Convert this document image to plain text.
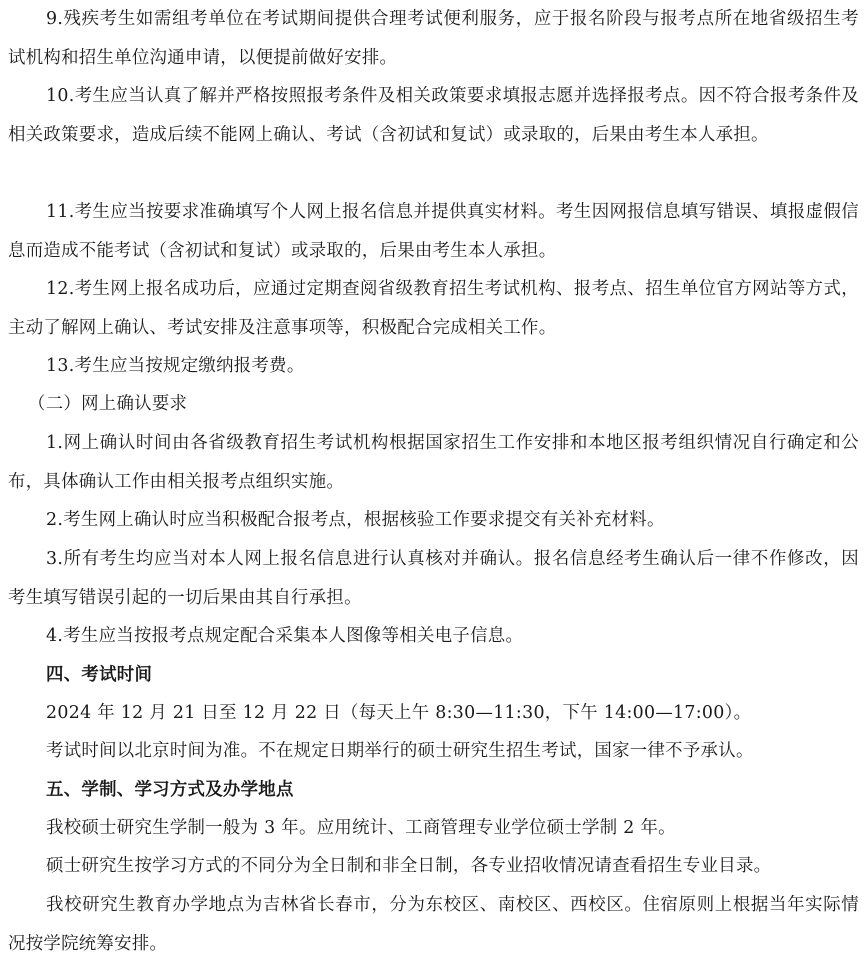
9.残疾考生如需组考单位在考试期间提供合理考试便利服务，应于报名阶段与报考点所在地省级招生考试机构和招生单位沟通申请，以便提前做好安排。

10.考生应当认真了解并严格按照报考条件及相关政策要求填报志愿并选择报考点。因不符合报考条件及相关政策要求，造成后续不能网上确认、考试（含初试和复试）或录取的，后果由考生本人承担。

11.考生应当按要求准确填写个人网上报名信息并提供真实材料。考生因网报信息填写错误、填报虚假信息而造成不能考试（含初试和复试）或录取的，后果由考生本人承担。

12.考生网上报名成功后，应通过定期查阅省级教育招生考试机构、报考点、招生单位官方网站等方式，主动了解网上确认、考试安排及注意事项等，积极配合完成相关工作。

13.考生应当按规定缴纳报考费。

（二）网上确认要求

1.网上确认时间由各省级教育招生考试机构根据国家招生工作安排和本地区报考组织情况自行确定和公布，具体确认工作由相关报考点组织实施。

2.考生网上确认时应当积极配合报考点，根据核验工作要求提交有关补充材料。

3.所有考生均应当对本人网上报名信息进行认真核对并确认。报名信息经考生确认后一律不作修改，因考生填写错误引起的一切后果由其自行承担。

4.考生应当按报考点规定配合采集本人图像等相关电子信息。

四、考试时间

2024 年 12 月 21 日至 12 月 22 日（每天上午 8:30—11:30，下午 14:00—17:00）。

考试时间以北京时间为准。不在规定日期举行的硕士研究生招生考试，国家一律不予承认。

五、学制、学习方式及办学地点

我校硕士研究生学制一般为 3 年。应用统计、工商管理专业学位硕士学制 2 年。

硕士研究生按学习方式的不同分为全日制和非全日制，各专业招收情况请查看招生专业目录。

我校研究生教育办学地点为吉林省长春市，分为东校区、南校区、西校区。住宿原则上根据当年实际情况按学院统筹安排。
